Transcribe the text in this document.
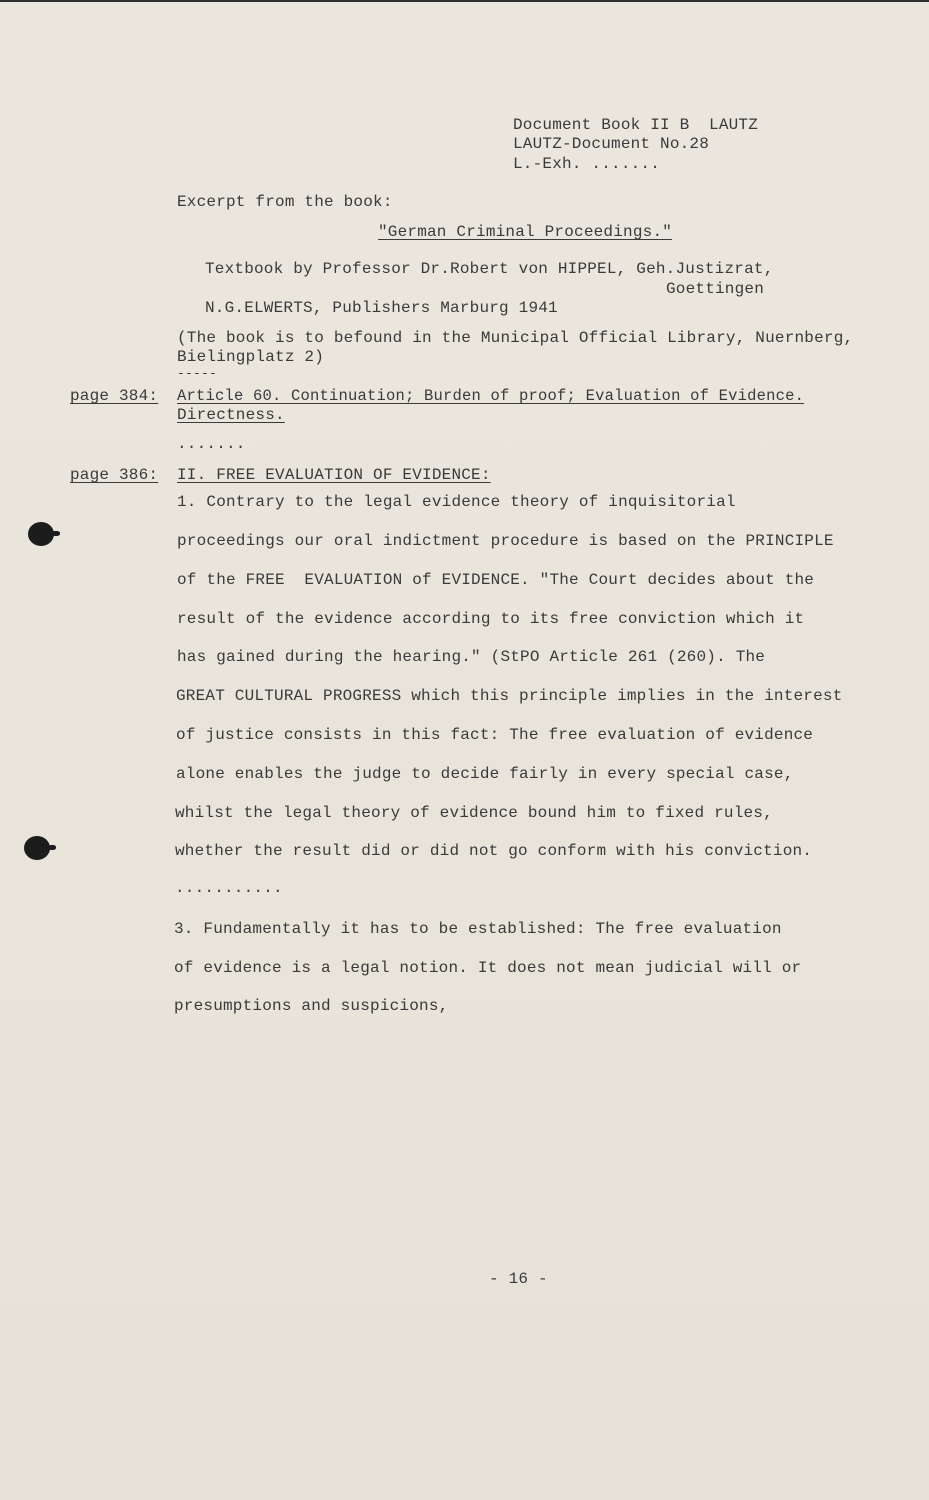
Document Book II B  LAUTZ
LAUTZ-Document No.28
L.-Exh. .......
Excerpt from the book:
"German Criminal Proceedings."
Textbook by Professor Dr.Robert von HIPPEL, Geh.Justizrat,
Goettingen
N.G.ELWERTS, Publishers Marburg 1941
(The book is to befound in the Municipal Official Library, Nuernberg,
Bielingplatz 2)
-----
page 384: Article 60. Continuation; Burden of proof; Evaluation of Evidence.
Directness.
.......
page 386: II. FREE EVALUATION OF EVIDENCE:
1. Contrary to the legal evidence theory of inquisitorial
proceedings our oral indictment procedure is based on the PRINCIPLE
of the FREE  EVALUATION of EVIDENCE. "The Court decides about the
result of the evidence according to its free conviction which it
has gained during the hearing." (StPO Article 261 (260). The
GREAT CULTURAL PROGRESS which this principle implies in the interest
of justice consists in this fact: The free evaluation of evidence
alone enables the judge to decide fairly in every special case,
whilst the legal theory of evidence bound him to fixed rules,
whether the result did or did not go conform with his conviction.
...........
3. Fundamentally it has to be established: The free evaluation
of evidence is a legal notion. It does not mean judicial will or
presumptions and suspicions,
- 16 -
